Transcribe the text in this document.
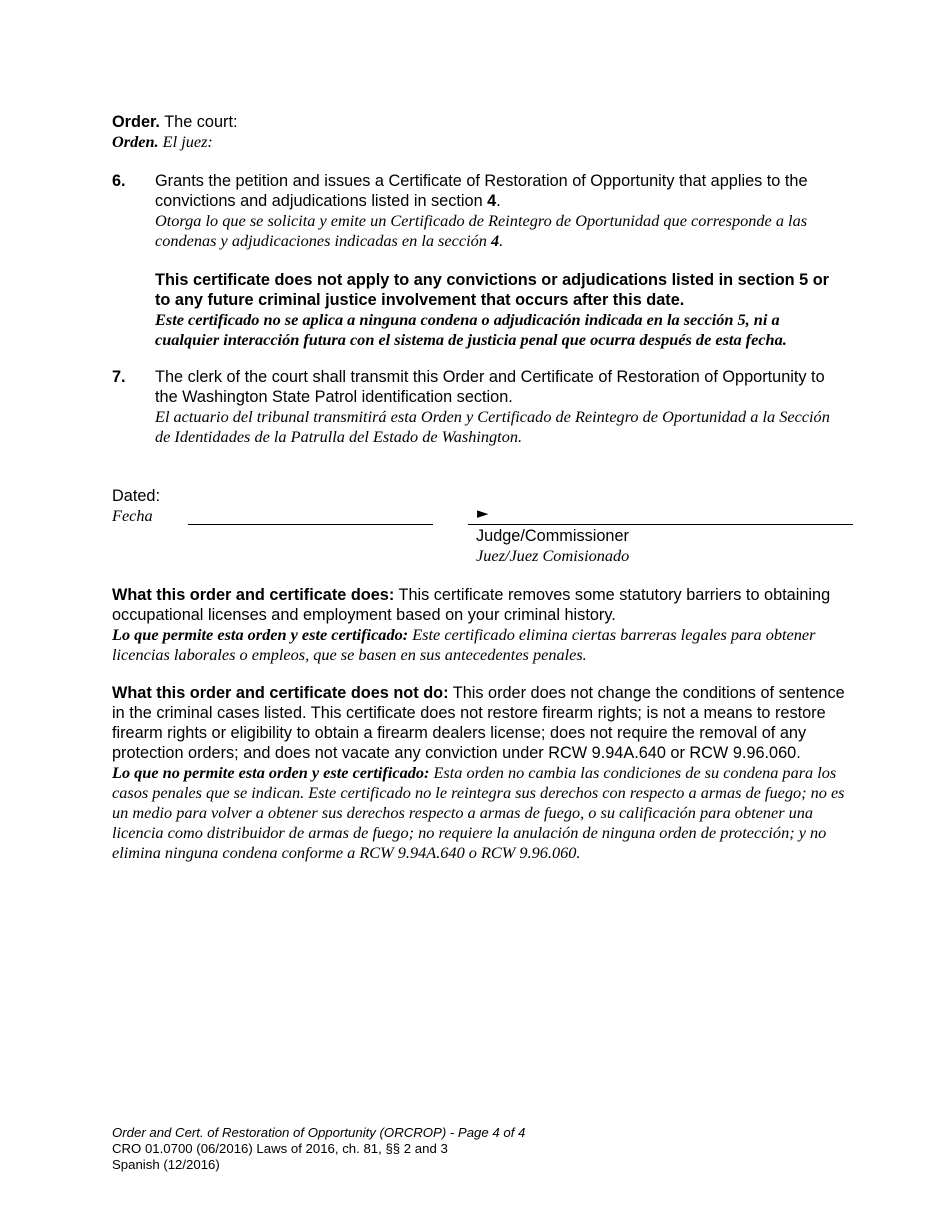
Order. The court:
Orden. El juez:
6. Grants the petition and issues a Certificate of Restoration of Opportunity that applies to the convictions and adjudications listed in section 4.
Otorga lo que se solicita y emite un Certificado de Reintegro de Oportunidad que corresponde a las condenas y adjudicaciones indicadas en la sección 4.
This certificate does not apply to any convictions or adjudications listed in section 5 or to any future criminal justice involvement that occurs after this date.
Este certificado no se aplica a ninguna condena o adjudicación indicada en la sección 5, ni a cualquier interacción futura con el sistema de justicia penal que ocurra después de esta fecha.
7. The clerk of the court shall transmit this Order and Certificate of Restoration of Opportunity to the Washington State Patrol identification section.
El actuario del tribunal transmitirá esta Orden y Certificado de Reintegro de Oportunidad a la Sección de Identidades de la Patrulla del Estado de Washington.
Dated:
Fecha	►
Judge/Commissioner
Juez/Juez Comisionado
What this order and certificate does: This certificate removes some statutory barriers to obtaining occupational licenses and employment based on your criminal history.
Lo que permite esta orden y este certificado: Este certificado elimina ciertas barreras legales para obtener licencias laborales o empleos, que se basen en sus antecedentes penales.
What this order and certificate does not do: This order does not change the conditions of sentence in the criminal cases listed. This certificate does not restore firearm rights; is not a means to restore firearm rights or eligibility to obtain a firearm dealers license; does not require the removal of any protection orders; and does not vacate any conviction under RCW 9.94A.640 or RCW 9.96.060.
Lo que no permite esta orden y este certificado: Esta orden no cambia las condiciones de su condena para los casos penales que se indican. Este certificado no le reintegra sus derechos con respecto a armas de fuego; no es un medio para volver a obtener sus derechos respecto a armas de fuego, o su calificación para obtener una licencia como distribuidor de armas de fuego; no requiere la anulación de ninguna orden de protección; y no elimina ninguna condena conforme a RCW 9.94A.640 o RCW 9.96.060.
Order and Cert. of Restoration of Opportunity (ORCROP) - Page 4 of 4
CRO 01.0700 (06/2016) Laws of 2016, ch. 81, §§ 2 and 3
Spanish (12/2016)
